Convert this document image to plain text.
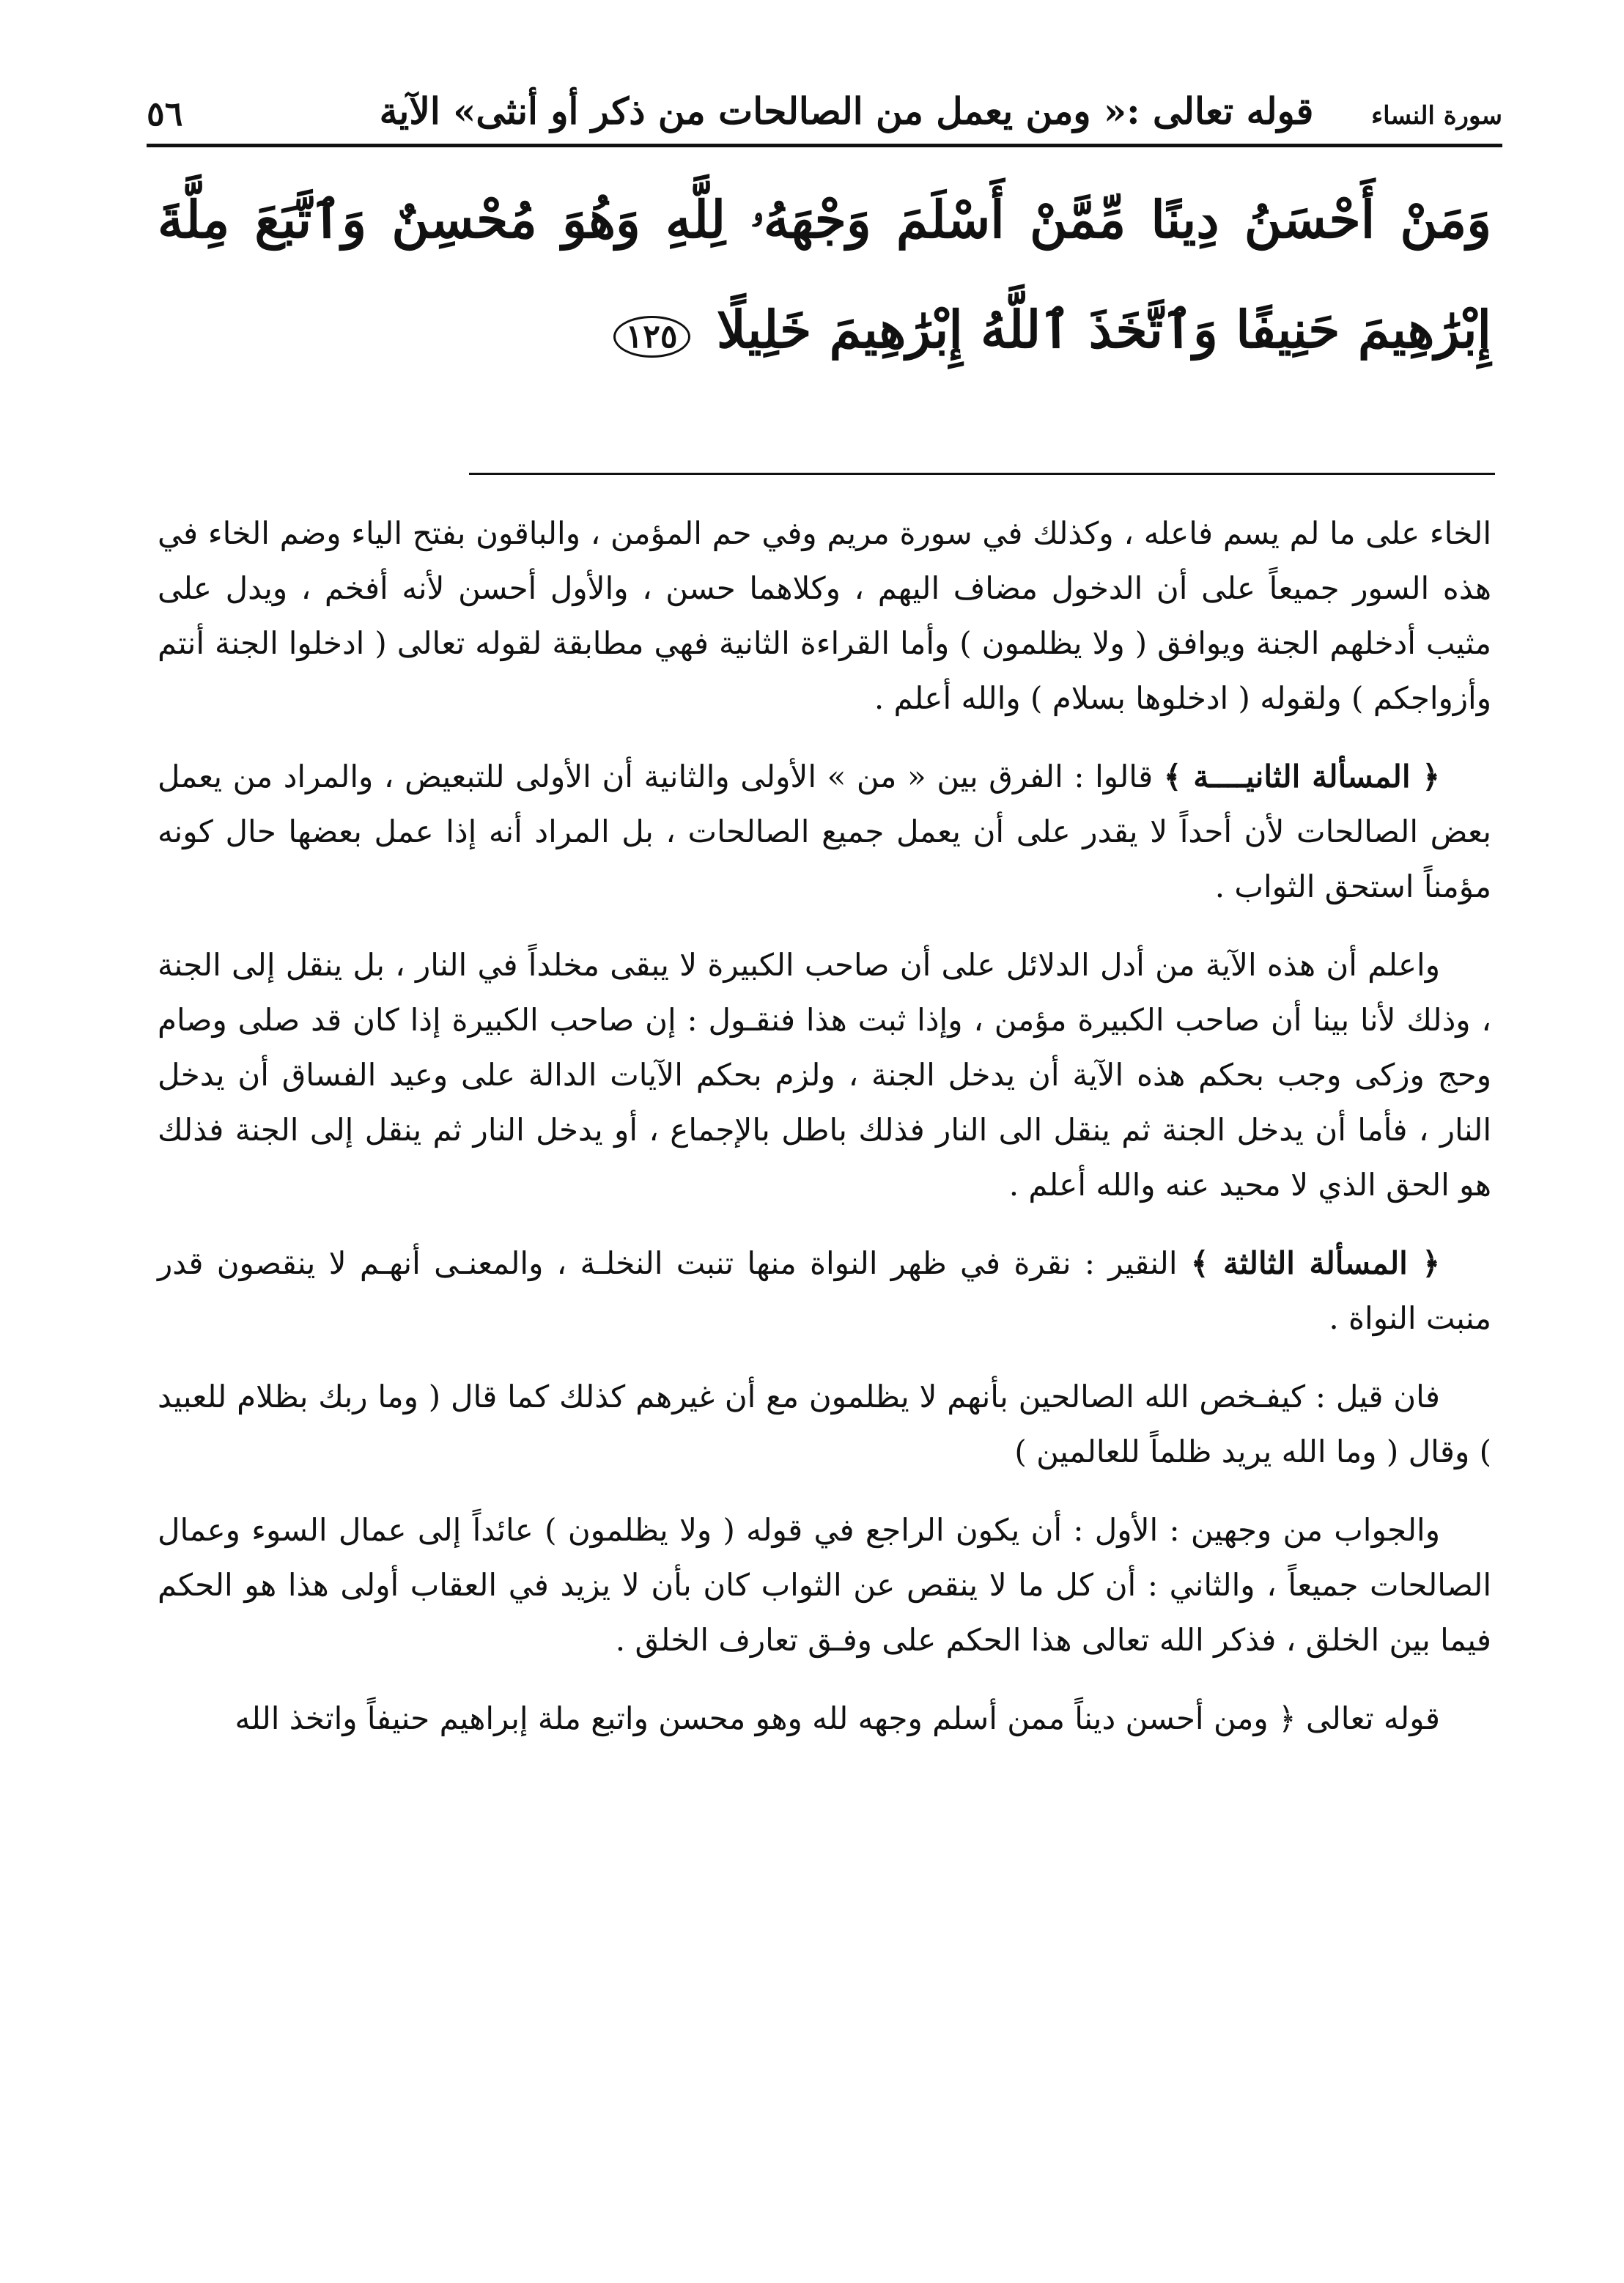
سورة النساء
قوله تعالى :« ومن يعمل من الصالحات من ذكر أو أنثى» الآية
٥٦
وَمَنْ أَحْسَنُ دِينًا مِّمَّنْ أَسْلَمَ وَجْهَهُۥ لِلَّهِ وَهُوَ مُحْسِنٌ وَٱتَّبَعَ مِلَّةَ إِبْرَٰهِيمَ حَنِيفًا وَٱتَّخَذَ ٱللَّهُ إِبْرَٰهِيمَ خَلِيلًا ١٢٥

الخاء على ما لم يسم فاعله ، وكذلك في سورة مريم وفي حم المؤمن ، والباقون بفتح الياء وضم الخاء في هذه السور جميعاً على أن الدخول مضاف اليهم ، وكلاهما حسن ، والأول أحسن لأنه أفخم ، ويدل على مثيب أدخلهم الجنة ويوافق ( ولا يظلمون ) وأما القراءة الثانية فهي مطابقة لقوله تعالى ( ادخلوا الجنة أنتم وأزواجكم ) ولقوله ( ادخلوها بسلام ) والله أعلم .

﴿ المسألة الثانيــــة ﴾ قالوا : الفرق بين « من » الأولى والثانية أن الأولى للتبعيض ، والمراد من يعمل بعض الصالحات لأن أحداً لا يقدر على أن يعمل جميع الصالحات ، بل المراد أنه إذا عمل بعضها حال كونه مؤمناً استحق الثواب .

واعلم أن هذه الآية من أدل الدلائل على أن صاحب الكبيرة لا يبقى مخلداً في النار ، بل ينقل إلى الجنة ، وذلك لأنا بينا أن صاحب الكبيرة مؤمن ، وإذا ثبت هذا فنقـول : إن صاحب الكبيرة إذا كان قد صلى وصام وحج وزكى وجب بحكم هذه الآية أن يدخل الجنة ، ولزم بحكم الآيات الدالة على وعيد الفساق أن يدخل النار ، فأما أن يدخل الجنة ثم ينقل الى النار فذلك باطل بالإجماع ، أو يدخل النار ثم ينقل إلى الجنة فذلك هو الحق الذي لا محيد عنه والله أعلم .

﴿ المسألة الثالثة ﴾ النقير : نقرة في ظهر النواة منها تنبت النخلـة ، والمعنـى أنهـم لا ينقصون قدر منبت النواة .

فان قيل : كيفـخص الله الصالحين بأنهم لا يظلمون مع أن غيرهم كذلك كما قال ( وما ربك بظلام للعبيد ) وقال ( وما الله يريد ظلماً للعالمين )

والجواب من وجهين : الأول : أن يكون الراجع في قوله ( ولا يظلمون ) عائداً إلى عمال السوء وعمال الصالحات جميعاً ، والثاني : أن كل ما لا ينقص عن الثواب كان بأن لا يزيد في العقاب أولى هذا هو الحكم فيما بين الخلق ، فذكر الله تعالى هذا الحكم على وفـق تعارف الخلق .

قوله تعالى ﴿ ومن أحسن ديناً ممن أسلم وجهه لله وهو محسن واتبع ملة إبراهيم حنيفاً واتخذ الله
